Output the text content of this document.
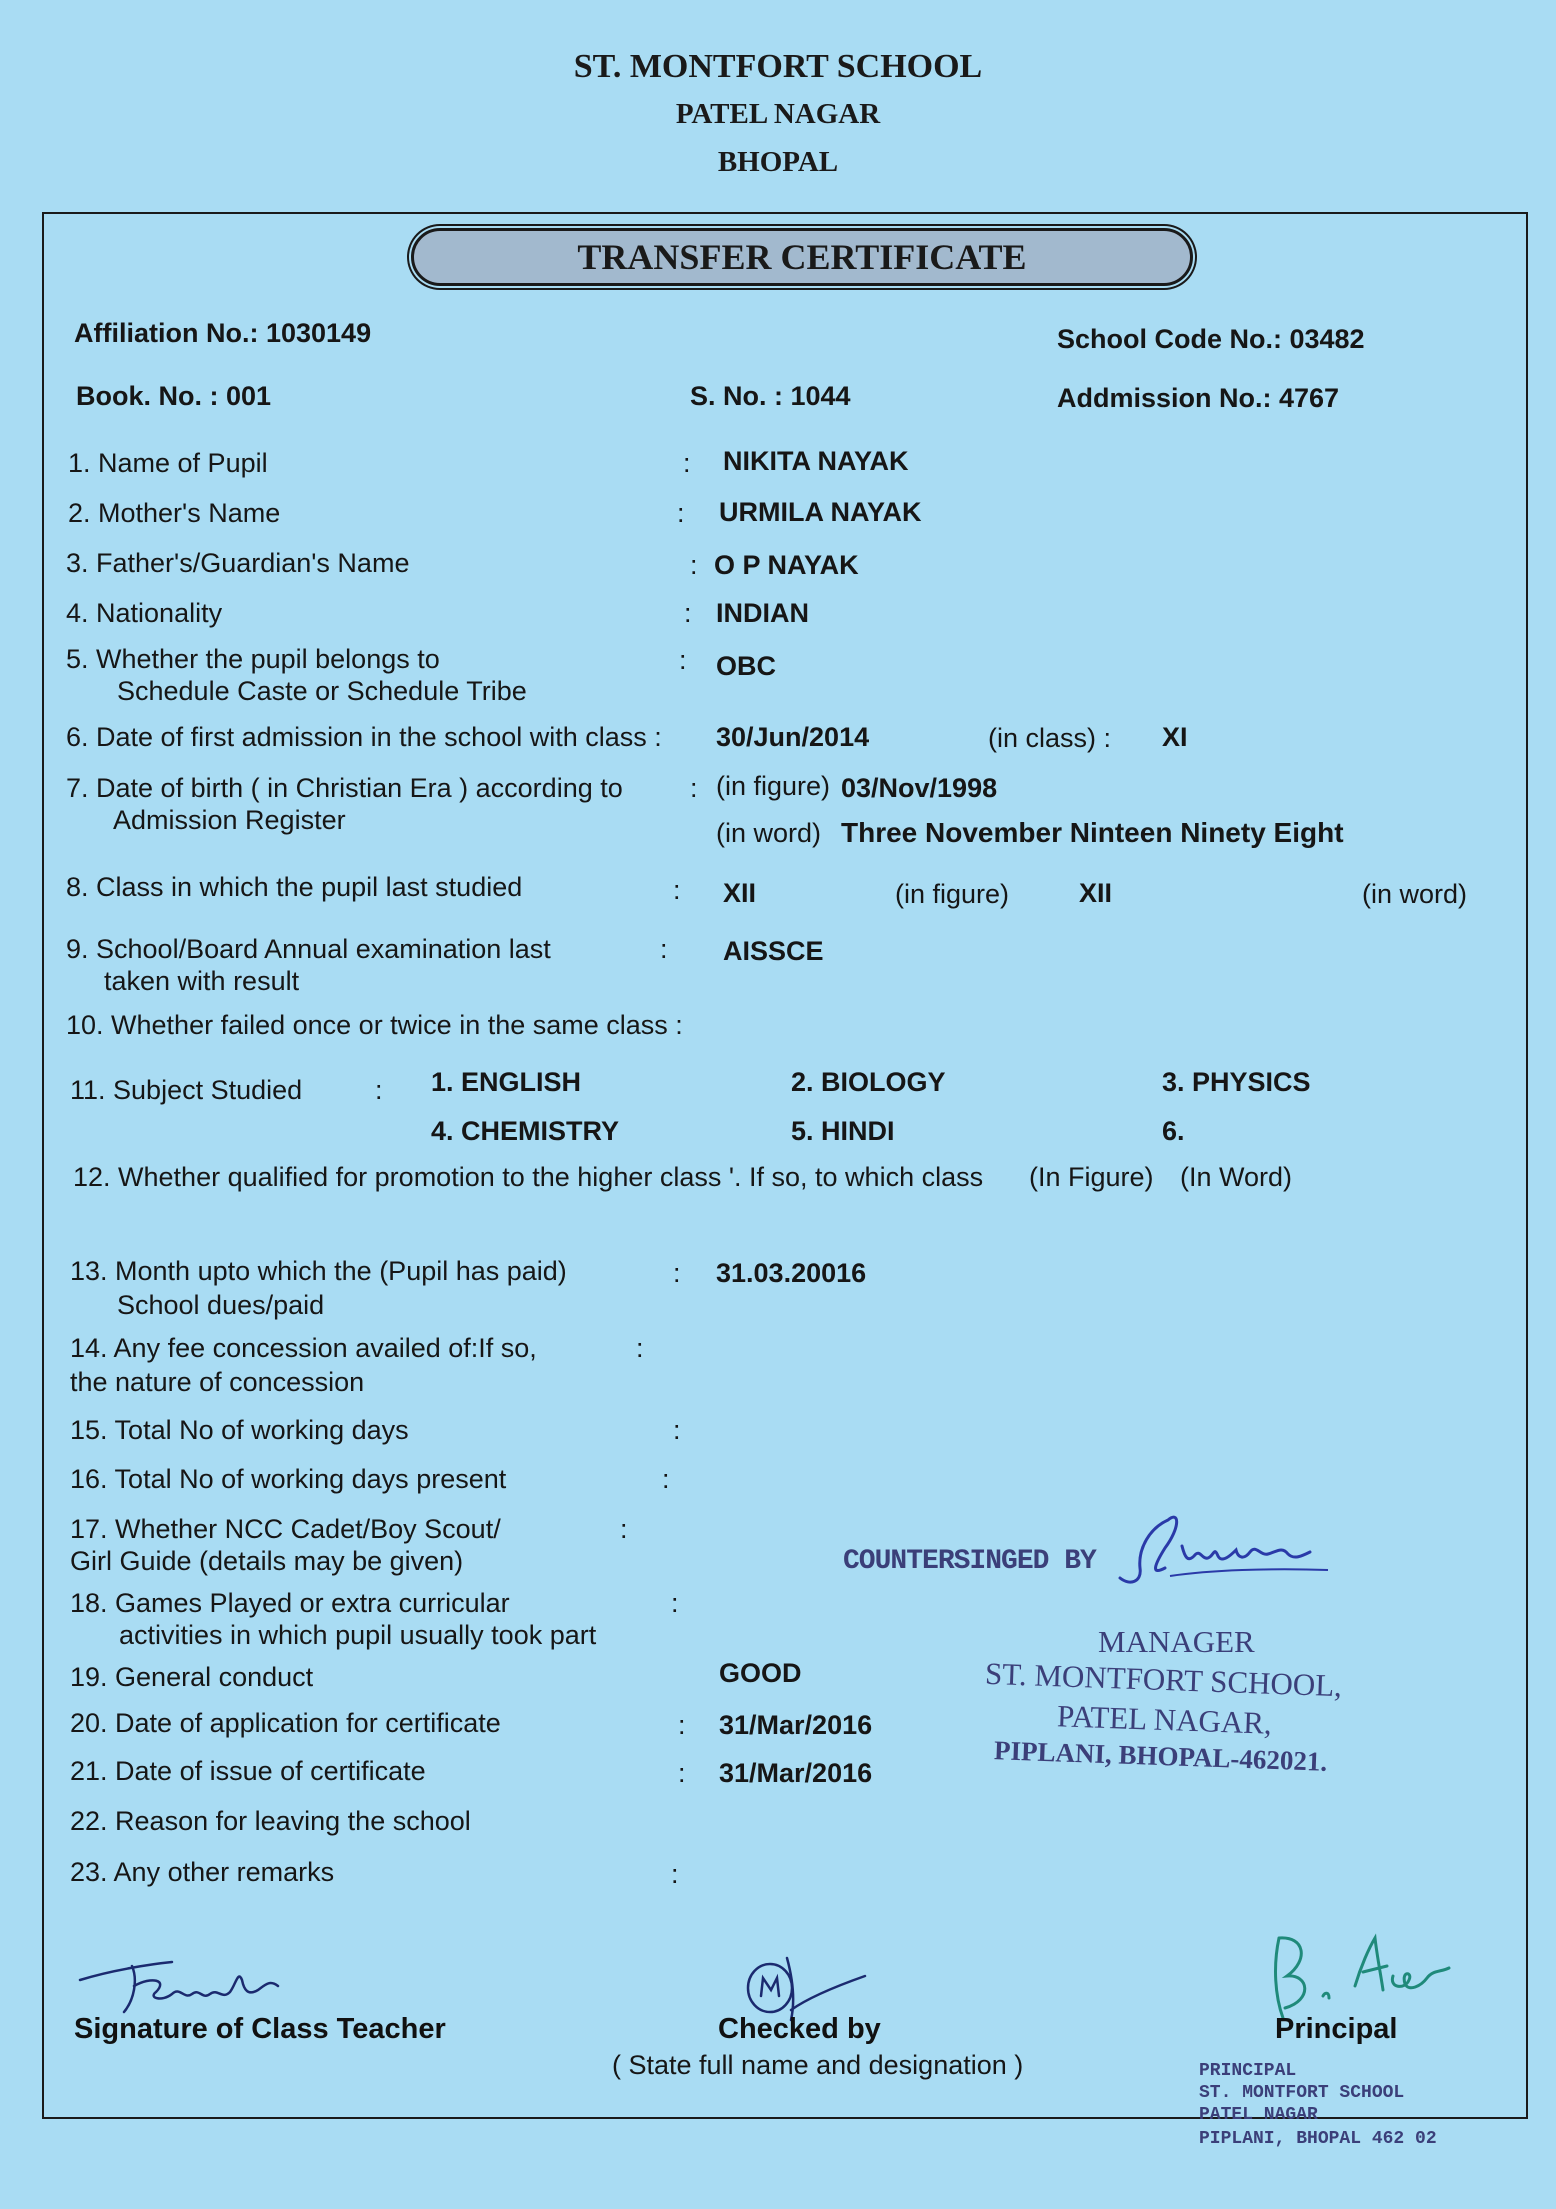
ST. MONTFORT SCHOOL
PATEL NAGAR
BHOPAL
TRANSFER CERTIFICATE
Affiliation No.: 1030149	School Code No.: 03482
Book. No. : 001	S. No. : 1044	Addmission No.: 4767
1. Name of Pupil	: NIKITA NAYAK
2. Mother's Name	: URMILA NAYAK
3. Father's/Guardian's Name	: O P NAYAK
4. Nationality	: INDIAN
5. Whether the pupil belongs to
Schedule Caste or Schedule Tribe
: OBC
6. Date of first admission in the school with class : 30/Jun/2014	(in class) : XI
7. Date of birth ( in Christian Era ) according to
Admission Register
: (in figure) 03/Nov/1998
(in word) Three November Ninteen Ninety Eight
8. Class in which the pupil last studied	: XII	(in figure)	XII	(in word)
9. School/Board Annual examination last
taken with result
: AISSCE
10. Whether failed once or twice in the same class :
11. Subject Studied	: 1. ENGLISH	2. BIOLOGY	3. PHYSICS
4. CHEMISTRY	5. HINDI	6.
12. Whether qualified for promotion to the higher class '. If so, to which class (In Figure) (In Word)
13. Month upto which the (Pupil has paid)
School dues/paid
: 31.03.20016
14. Any fee concession availed of:If so,
the nature of concession
:
15. Total No of working days	:
16. Total No of working days present	:
17. Whether NCC Cadet/Boy Scout/
Girl Guide (details may be given)
:
18. Games Played or extra curricular
activities in which pupil usually took part
:
19. General conduct	GOOD
20. Date of application for certificate	: 31/Mar/2016
21. Date of issue of certificate	: 31/Mar/2016
22. Reason for leaving the school
23. Any other remarks	:
COUNTERSINGED BY
MANAGER
ST. MONTFORT SCHOOL,
PATEL NAGAR,
PIPLANI, BHOPAL-462021.
Signature of Class Teacher	Checked by
( State full name and designation )
Principal
PRINCIPAL
ST. MONTFORT SCHOOL
PATEL NAGAR
PIPLANI, BHOPAL 462 02
